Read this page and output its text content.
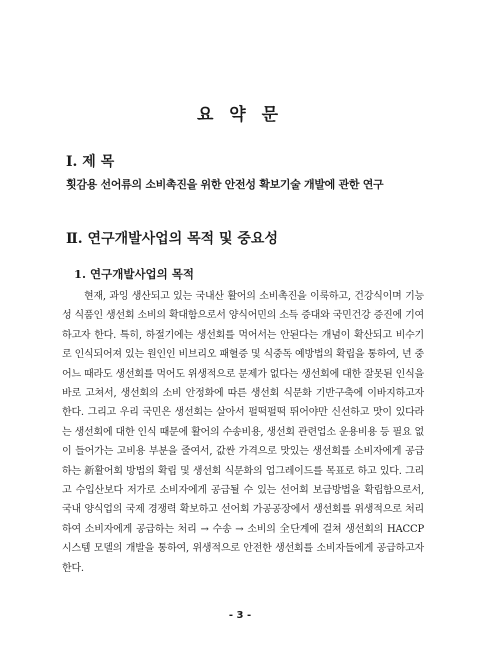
요 약 문
Ⅰ. 제 목
횟감용 선어류의 소비촉진을 위한 안전성 확보기술 개발에 관한 연구
Ⅱ. 연구개발사업의 목적 및 중요성
1. 연구개발사업의 목적
현재, 과잉 생산되고 있는 국내산 활어의 소비촉진을 이룩하고, 건강식이며 기능성 식품인 생선회 소비의 확대함으로서 양식어민의 소득 증대와 국민건강 증진에 기여하고자 한다. 특히, 하절기에는 생선회를 먹어서는 안된다는 개념이 확산되고 비수기로 인식되어져 있는 원인인 비브리오 패혈증 및 식중독 예방법의 확립을 통하여, 년 중 어느 때라도 생선회를 먹어도 위생적으로 문제가 없다는 생선회에 대한 잘못된 인식을 바로 고쳐서, 생선회의 소비 안정화에 따른 생선회 식문화 기반구축에 이바지하고자 한다. 그리고 우리 국민은 생선회는 살아서 펄떡펄떡 뛰어야만 신선하고 맛이 있다라는 생선회에 대한 인식 때문에 활어의 수송비용, 생선회 관련업소 운용비용 등 필요 없이 들어가는 고비용 부분을 줄여서, 값싼 가격으로 맛있는 생선회를 소비자에게 공급하는 新활어회 방법의 확립 및 생선회 식문화의 업그레이드를 목표로 하고 있다. 그리고 수입산보다 저가로 소비자에게 공급될 수 있는 선어회 보급방법을 확립함으로서, 국내 양식업의 국제 경쟁력 확보하고 선어회 가공공장에서 생선회를 위생적으로 처리하여 소비자에게 공급하는 처리 → 수송 → 소비의 全단계에 걸쳐 생선회의 HACCP 시스템 모델의 개발을 통하여, 위생적으로 안전한 생선회를 소비자들에게 공급하고자 한다.
- 3 -
